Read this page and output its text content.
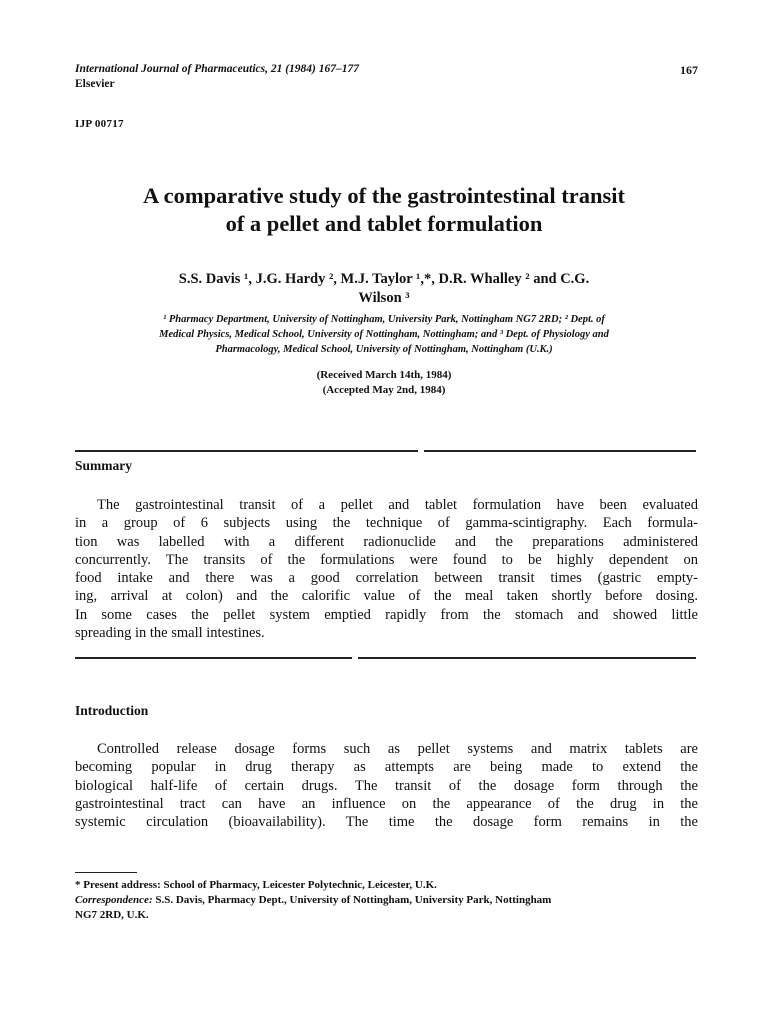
International Journal of Pharmaceutics, 21 (1984) 167–177
Elsevier
167
IJP 00717
A comparative study of the gastrointestinal transit
of a pellet and tablet formulation
S.S. Davis ¹, J.G. Hardy ², M.J. Taylor ¹,*, D.R. Whalley ² and C.G.
Wilson ³
¹ Pharmacy Department, University of Nottingham, University Park, Nottingham NG7 2RD; ² Dept. of
Medical Physics, Medical School, University of Nottingham, Nottingham; and ³ Dept. of Physiology and
Pharmacology, Medical School, University of Nottingham, Nottingham (U.K.)
(Received March 14th, 1984)
(Accepted May 2nd, 1984)
Summary
The gastrointestinal transit of a pellet and tablet formulation have been evaluated
in a group of 6 subjects using the technique of gamma-scintigraphy. Each formula-
tion was labelled with a different radionuclide and the preparations administered
concurrently. The transits of the formulations were found to be highly dependent on
food intake and there was a good correlation between transit times (gastric empty-
ing, arrival at colon) and the calorific value of the meal taken shortly before dosing.
In some cases the pellet system emptied rapidly from the stomach and showed little
spreading in the small intestines.
Introduction
Controlled release dosage forms such as pellet systems and matrix tablets are
becoming popular in drug therapy as attempts are being made to extend the
biological half-life of certain drugs. The transit of the dosage form through the
gastrointestinal tract can have an influence on the appearance of the drug in the
systemic circulation (bioavailability). The time the dosage form remains in the
* Present address: School of Pharmacy, Leicester Polytechnic, Leicester, U.K.
Correspondence: S.S. Davis, Pharmacy Dept., University of Nottingham, University Park, Nottingham
NG7 2RD, U.K.
